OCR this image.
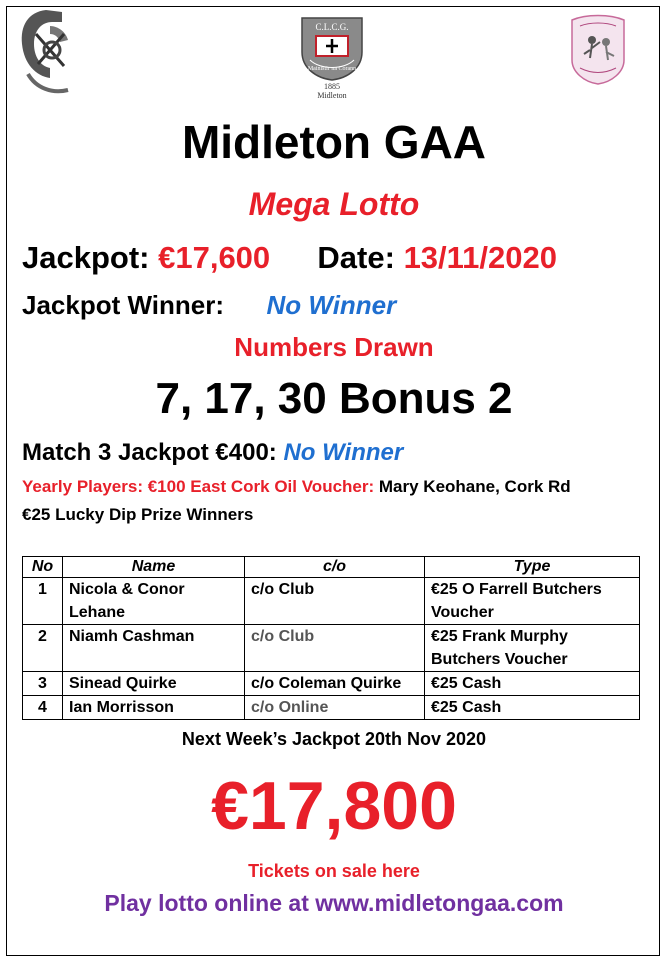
C.L.C.G.
Mainistir na Corann
1885
Midleton
Midleton GAA
Mega Lotto
Jackpot: €17,600 Date: 13/11/2020
Jackpot Winner: No Winner
Numbers Drawn
7, 17, 30 Bonus 2
Match 3 Jackpot €400: No Winner
Yearly Players: €100 East Cork Oil Voucher: Mary Keohane, Cork Rd
€25 Lucky Dip Prize Winners
No	Name	c/o	Type
1	Nicola & Conor Lehane	c/o Club	€25 O Farrell Butchers Voucher
2	Niamh Cashman	c/o Club	€25 Frank Murphy Butchers Voucher
3	Sinead Quirke	c/o Coleman Quirke	€25 Cash
4	Ian Morrisson	c/o Online	€25 Cash
Next Week’s Jackpot 20th Nov 2020
€17,800
Tickets on sale here
Play lotto online at www.midletongaa.com
